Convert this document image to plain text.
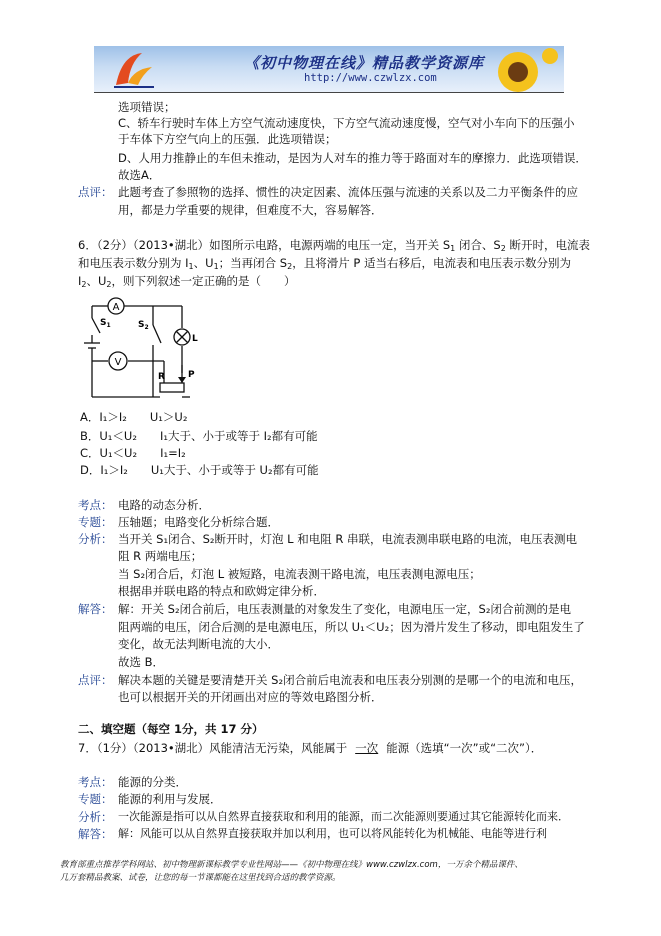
《初中物理在线》精品教学资源库
http://www.czwlzx.com
选项错误；
C、轿车行驶时车体上方空气流动速度快，下方空气流动速度慢，空气对小车向下的压强小
于车体下方空气向上的压强．此选项错误；
D、人用力推静止的车但未推动，是因为人对车的推力等于路面对车的摩擦力．此选项错误．
故选A．
点评： 此题考查了参照物的选择、惯性的决定因素、流体压强与流速的关系以及二力平衡条件的应
用，都是力学重要的规律，但难度不大，容易解答．
6．（2分）（2013•湖北）如图所示电路，电源两端的电压一定，当开关 $S_1$ 闭合、$S_2$ 断开时，电流表
和电压表示数分别为 $I_1$、$U_1$；当再闭合 $S_2$，且将滑片 P 适当右移后，电流表和电压表示数分别为
$I_2$、$U_2$，则下列叙述一定正确的是（　　）
A
V
$S_1$	$S_2$
L
R	P
A．I₁＞I₂　　U₁＞U₂
B．U₁＜U₂　　I₁大于、小于或等于 I₂都有可能
C．U₁＜U₂　　I₁=I₂
D．I₁＞I₂　　U₁大于、小于或等于 U₂都有可能
考点： 电路的动态分析．
专题： 压轴题；电路变化分析综合题．
分析： 当开关 S₁闭合、S₂断开时，灯泡 L 和电阻 R 串联，电流表测串联电路的电流，电压表测电
阻 R 两端电压；
当 S₂闭合后，灯泡 L 被短路，电流表测干路电流，电压表测电源电压；
根据串并联电路的特点和欧姆定律分析．
解答： 解：开关 S₂闭合前后，电压表测量的对象发生了变化，电源电压一定，S₂闭合前测的是电
阻两端的电压，闭合后测的是电源电压，所以 U₁＜U₂；因为滑片发生了移动，即电阻发生了
变化，故无法判断电流的大小．
故选 B．
点评： 解决本题的关键是要清楚开关 S₂闭合前后电流表和电压表分别测的是哪一个的电流和电压，
也可以根据开关的开闭画出对应的等效电路图分析．
二、填空题（每空 1分，共 17 分）
7．（1分）（2013•湖北）风能清洁无污染，风能属于 一次 能源（选填“一次”或“二次”）．
考点： 能源的分类．
专题： 能源的利用与发展．
分析： 一次能源是指可以从自然界直接获取和利用的能源，而二次能源则要通过其它能源转化而来．
解答： 解：风能可以从自然界直接获取并加以利用，也可以将风能转化为机械能、电能等进行利
教育部重点推荐学科网站、初中物理新课标教学专业性网站——《初中物理在线》www.czwlzx.com，一万余个精品课件、
几万套精品教案、试卷，让您的每一节课都能在这里找到合适的教学资源。
